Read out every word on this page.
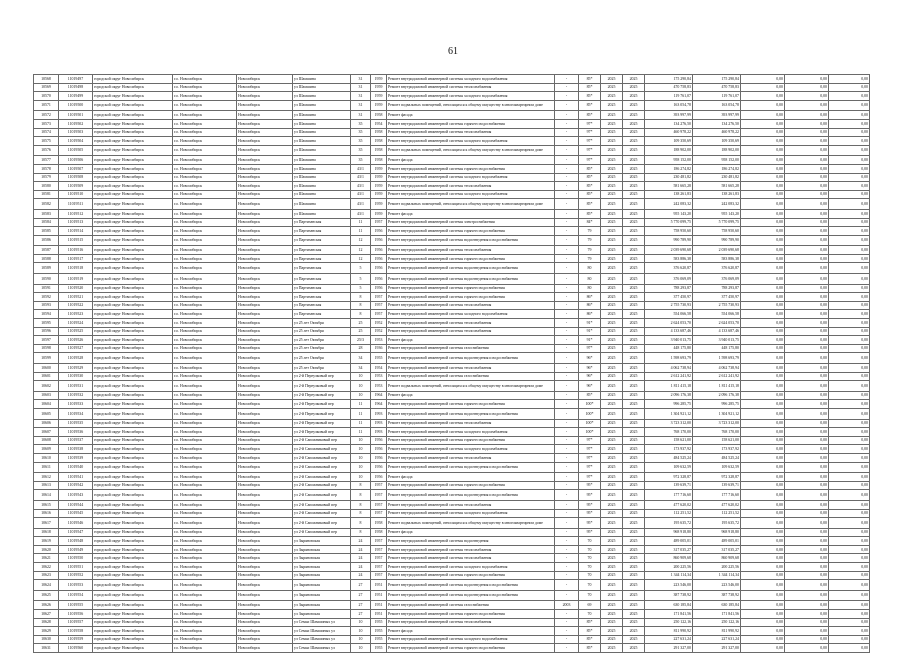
61
10568	11019497	городской округ Новосибирск	г.о. Новосибирск	Новосибирск	ул Шамшина	31	1959	Ремонт внутридомовой инженерной системы холодного водоснабжения	-	85*	2025	2025	175 290,84	175 290,84	0,00	0,00	0,00
10569	11019498	городской округ Новосибирск	г.о. Новосибирск	Новосибирск	ул Шамшина	31	1959	Ремонт внутридомовой инженерной системы теплоснабжения	-	85*	2025	2025	470 758,83	470 758,83	0,00	0,00	0,00
10570	11019499	городской округ Новосибирск	г.о. Новосибирск	Новосибирск	ул Шамшина	31	1959	Ремонт внутридомовой инженерной системы холодного водоснабжения	-	85*	2025	2025	119 761,07	119 761,07	0,00	0,00	0,00
10571	11019500	городской округ Новосибирск	г.о. Новосибирск	Новосибирск	ул Шамшина	31	1959	Ремонт подвальных помещений, относящихся к общему имуществу в многоквартирном доме	-	85*	2025	2025	163 054,78	163 054,78	0,00	0,00	0,00
10572	11019501	городской округ Новосибирск	г.о. Новосибирск	Новосибирск	ул Шамшина	31	1958	Ремонт фасада	-	85*	2025	2025	393 997,99	393 997,99	0,00	0,00	0,00
10573	11019502	городской округ Новосибирск	г.о. Новосибирск	Новосибирск	ул Шамшина	35	1954	Ремонт внутридомовой инженерной системы горячего водоснабжения	-	97*	2025	2025	134 276,50	134 276,50	0,00	0,00	0,00
10574	11019503	городской округ Новосибирск	г.о. Новосибирск	Новосибирск	ул Шамшина	35	1958	Ремонт внутридомовой инженерной системы теплоснабжения	-	97*	2025	2025	460 978,22	460 978,22	0,00	0,00	0,00
10575	11019504	городской округ Новосибирск	г.о. Новосибирск	Новосибирск	ул Шамшина	35	1958	Ремонт внутридомовой инженерной системы холодного водоснабжения	-	97*	2025	2025	109 350,69	109 350,69	0,00	0,00	0,00
10576	11019505	городской округ Новосибирск	г.о. Новосибирск	Новосибирск	ул Шамшина	35	1958	Ремонт подвальных помещений, относящихся к общему имуществу в многоквартирном доме	-	97*	2025	2025	188 902,00	188 902,00	0,00	0,00	0,00
10577	11019506	городской округ Новосибирск	г.о. Новосибирск	Новосибирск	ул Шамшина	35	1958	Ремонт фасада	-	97*	2025	2025	958 152,00	958 152,00	0,00	0,00	0,00
10578	11019507	городской округ Новосибирск	г.о. Новосибирск	Новосибирск	ул Шамшина	43/1	1959	Ремонт внутридомовой инженерной системы горячего водоснабжения	-	85*	2025	2025	186 274,82	186 274,82	0,00	0,00	0,00
10579	11019508	городской округ Новосибирск	г.о. Новосибирск	Новосибирск	ул Шамшина	43/1	1959	Ремонт внутридомовой инженерной системы холодного водоснабжения	-	85*	2025	2025	230 481,82	230 481,82	0,00	0,00	0,00
10580	11019509	городской округ Новосибирск	г.о. Новосибирск	Новосибирск	ул Шамшина	43/1	1959	Ремонт внутридомовой инженерной системы теплоснабжения	-	85*	2025	2025	581 665,28	581 665,28	0,00	0,00	0,00
10581	11019510	городской округ Новосибирск	г.о. Новосибирск	Новосибирск	ул Шамшина	43/1	1959	Ремонт внутридомовой инженерной системы холодного водоснабжения	-	85*	2025	2025	138 261,83	138 261,83	0,00	0,00	0,00
10582	11019511	городской округ Новосибирск	г.о. Новосибирск	Новосибирск	ул Шамшина	43/1	1959	Ремонт подвальных помещений, относящихся к общему имуществу в многоквартирном доме	-	85*	2025	2025	242 083,32	242 083,32	0,00	0,00	0,00
10583	11019512	городской округ Новосибирск	г.о. Новосибирск	Новосибирск	ул Шамшина	43/1	1959	Ремонт фасада	-	85*	2025	2025	955 143,20	955 143,20	0,00	0,00	0,00
10584	11019513	городской округ Новосибирск	г.о. Новосибирск	Новосибирск	ул Партизанская	11	1957	Ремонт внутридомовой инженерной системы электроснабжения	-	84*	2025	2025	5 770 099,75	5 770 099,75	0,00	0,00	0,00
10585	11019514	городской округ Новосибирск	г.о. Новосибирск	Новосибирск	ул Партизанская	11	1956	Ремонт внутридомовой инженерной системы горячего водоснабжения	-	79	2025	2025	758 950,60	758 950,60	0,00	0,00	0,00
10586	11019515	городской округ Новосибирск	г.о. Новосибирск	Новосибирск	ул Партизанская	12	1956	Ремонт внутридомовой инженерной системы водоотведения и водоснабжения	-	79	2025	2025	990 789,90	990 789,90	0,00	0,00	0,00
10587	11019516	городской округ Новосибирск	г.о. Новосибирск	Новосибирск	ул Партизанская	12	1956	Ремонт внутридомовой инженерной системы теплоснабжения	-	79	2025	2025	2 039 690,68	2 039 690,68	0,00	0,00	0,00
10588	11019517	городской округ Новосибирск	г.о. Новосибирск	Новосибирск	ул Партизанская	12	1956	Ремонт внутридомовой инженерной системы горячего водоснабжения	-	79	2025	2025	583 886,38	583 886,38	0,00	0,00	0,00
10589	11019518	городской округ Новосибирск	г.о. Новосибирск	Новосибирск	ул Партизанская	5	1956	Ремонт внутридомовой инженерной системы водоотведения и водоснабжения	-	80	2025	2025	376 620,87	376 620,87	0,00	0,00	0,00
10590	11019519	городской округ Новосибирск	г.о. Новосибирск	Новосибирск	ул Партизанская	5	1956	Ремонт внутридомовой инженерной системы водоотведения и водоснабжения	-	80	2025	2025	376 069,09	376 069,09	0,00	0,00	0,00
10591	11019520	городской округ Новосибирск	г.о. Новосибирск	Новосибирск	ул Партизанская	5	1956	Ремонт внутридомовой инженерной системы горячего водоснабжения	-	80	2025	2025	788 293,87	788 293,87	0,00	0,00	0,00
10592	11019521	городской округ Новосибирск	г.о. Новосибирск	Новосибирск	ул Партизанская	8	1957	Ремонт внутридомовой инженерной системы горячего водоснабжения	-	86*	2025	2025	377 450,97	377 450,97	0,00	0,00	0,00
10593	11019522	городской округ Новосибирск	г.о. Новосибирск	Новосибирск	ул Партизанская	8	1957	Ремонт внутридомовой инженерной системы теплоснабжения	-	86*	2025	2025	2 755 730,93	2 755 730,93	0,00	0,00	0,00
10594	11019523	городской округ Новосибирск	г.о. Новосибирск	Новосибирск	ул Партизанская	8	1957	Ремонт внутридомовой инженерной системы холодного водоснабжения	-	86*	2025	2025	554 066,58	554 066,58	0,00	0,00	0,00
10595	11019524	городской округ Новосибирск	г.о. Новосибирск	Новосибирск	ул 25 лет Октября	25	1952	Ремонт внутридомовой инженерной системы теплоснабжения	-	91*	2025	2025	2 624 053,70	2 624 053,70	0,00	0,00	0,00
10596	11019525	городской округ Новосибирск	г.о. Новосибирск	Новосибирск	ул 25 лет Октября	25	1952	Ремонт внутридомовой инженерной системы теплоснабжения	-	91*	2025	2025	4 133 687,46	4 133 687,46	0,00	0,00	0,00
10597	11019526	городской округ Новосибирск	г.о. Новосибирск	Новосибирск	ул 25 лет Октября	25/3	1953	Ремонт фасада	-	91*	2025	2025	3 940 013,75	3 940 013,75	0,00	0,00	0,00
10598	11019527	городской округ Новосибирск	г.о. Новосибирск	Новосибирск	ул 25 лет Октября	28	1936	Ремонт внутридомовой инженерной системы газоснабжения	-	97*	2025	2025	448 175,80	448 175,80	0,00	0,00	0,00
10599	11019528	городской округ Новосибирск	г.о. Новосибирск	Новосибирск	ул 25 лет Октября	34	1955	Ремонт внутридомовой инженерной системы водоотведения и водоснабжения	-	96*	2025	2025	1 598 693,79	1 598 693,79	0,00	0,00	0,00
10600	11019529	городской округ Новосибирск	г.о. Новосибирск	Новосибирск	ул 25 лет Октября	34	1954	Ремонт внутридомовой инженерной системы теплоснабжения	-	96*	2025	2025	4 062 738,94	4 062 738,94	0,00	0,00	0,00
10601	11019530	городской округ Новосибирск	г.о. Новосибирск	Новосибирск	ул 2-й Переулковый пер	10	1953	Ремонт внутридомовой инженерной системы газоснабжения	-	96*	2025	2025	2 612 241,92	2 612 241,92	0,00	0,00	0,00
10602	11019531	городской округ Новосибирск	г.о. Новосибирск	Новосибирск	ул 2-й Переулковый пер	10	1953	Ремонт подвальных помещений, относящихся к общему имуществу в многоквартирном доме	-	96*	2025	2025	1 811 415,18	1 811 415,18	0,00	0,00	0,00
10603	11019532	городской округ Новосибирск	г.о. Новосибирск	Новосибирск	ул 2-й Переулковый пер	10	1964	Ремонт фасада	-	85*	2025	2025	2 096 176,38	2 096 176,38	0,00	0,00	0,00
10604	11019533	городской округ Новосибирск	г.о. Новосибирск	Новосибирск	ул 2-й Переулковый пер	11	1964	Ремонт внутридомовой инженерной системы горячего водоснабжения	-	100*	2025	2025	996 285,75	996 285,75	0,00	0,00	0,00
10605	11019534	городской округ Новосибирск	г.о. Новосибирск	Новосибирск	ул 2-й Переулковый пер	11	1993	Ремонт внутридомовой инженерной системы водоотведения и водоснабжения	-	100*	2025	2025	1 304 921,12	1 304 921,12	0,00	0,00	0,00
10606	11019535	городской округ Новосибирск	г.о. Новосибирск	Новосибирск	ул 2-й Переулковый пер	11	1993	Ремонт внутридомовой инженерной системы теплоснабжения	-	100*	2025	2025	3 723 312,00	3 723 312,00	0,00	0,00	0,00
10607	11019536	городской округ Новосибирск	г.о. Новосибирск	Новосибирск	ул 2-й Переулковый пер	11	1993	Ремонт внутридомовой инженерной системы холодного водоснабжения	-	100*	2025	2025	768 170,00	768 170,00	0,00	0,00	0,00
10608	11019537	городской округ Новосибирск	г.о. Новосибирск	Новосибирск	ул 2-й Сапожниковый пер	10	1956	Ремонт внутридомовой инженерной системы горячего водоснабжения	-	97*	2025	2025	158 621,00	158 621,00	0,00	0,00	0,00
10609	11019538	городской округ Новосибирск	г.о. Новосибирск	Новосибирск	ул 2-й Сапожниковый пер	10	1956	Ремонт внутридомовой инженерной системы холодного водоснабжения	-	97*	2025	2025	173 937,92	173 937,92	0,00	0,00	0,00
10610	11019539	городской округ Новосибирск	г.о. Новосибирск	Новосибирск	ул 2-й Сапожниковый пер	10	1956	Ремонт внутридомовой инженерной системы теплоснабжения	-	97*	2025	2025	484 525,24	484 525,24	0,00	0,00	0,00
10611	11019540	городской округ Новосибирск	г.о. Новосибирск	Новосибирск	ул 2-й Сапожниковый пер	10	1956	Ремонт внутридомовой инженерной системы водоотведения и водоснабжения	-	97*	2025	2025	109 632,59	109 632,59	0,00	0,00	0,00
10612	11019541	городской округ Новосибирск	г.о. Новосибирск	Новосибирск	ул 2-й Сапожниковый пер	10	1956	Ремонт фасада	-	97*	2025	2025	972 328,87	972 328,87	0,00	0,00	0,00
10613	11019542	городской округ Новосибирск	г.о. Новосибирск	Новосибирск	ул 2-й Сапожниковый пер	8	1957	Ремонт внутридомовой инженерной системы горячего водоснабжения	-	95*	2025	2025	139 639,71	139 639,71	0,00	0,00	0,00
10614	11019543	городской округ Новосибирск	г.о. Новосибирск	Новосибирск	ул 2-й Сапожниковый пер	8	1957	Ремонт внутридомовой инженерной системы водоотведения и водоснабжения	-	95*	2025	2025	177 716,60	177 716,60	0,00	0,00	0,00
10615	11019544	городской округ Новосибирск	г.о. Новосибирск	Новосибирск	ул 2-й Сапожниковый пер	8	1957	Ремонт внутридомовой инженерной системы теплоснабжения	-	95*	2025	2025	477 620,02	477 620,02	0,00	0,00	0,00
10616	11019545	городской округ Новосибирск	г.о. Новосибирск	Новосибирск	ул 2-й Сапожниковый пер	8	1957	Ремонт внутридомовой инженерной системы холодного водоснабжения	-	95*	2025	2025	112 251,52	112 251,52	0,00	0,00	0,00
10617	11019546	городской округ Новосибирск	г.о. Новосибирск	Новосибирск	ул 2-й Сапожниковый пер	8	1958	Ремонт подвальных помещений, относящихся к общему имуществу в многоквартирном доме	-	95*	2025	2025	195 635,72	195 635,72	0,00	0,00	0,00
10618	11019547	городской округ Новосибирск	г.о. Новосибирск	Новосибирск	ул 2-й Сапожниковый пер	8	1958	Ремонт фасада	-	95*	2025	2025	968 918,80	968 918,80	0,00	0,00	0,00
10619	11019548	городской округ Новосибирск	г.о. Новосибирск	Новосибирск	ул Зыряновская	24	1957	Ремонт внутридомовой инженерной системы водоотведения	-	70	2025	2025	489 005,01	489 005,01	0,00	0,00	0,00
10620	11019549	городской округ Новосибирск	г.о. Новосибирск	Новосибирск	ул Зыряновская	24	1957	Ремонт внутридомовой инженерной системы теплоснабжения	-	70	2025	2025	317 035,27	317 035,27	0,00	0,00	0,00
10621	11019550	городской округ Новосибирск	г.о. Новосибирск	Новосибирск	ул Зыряновская	24	1957	Ремонт внутридомовой инженерной системы теплоснабжения	-	70	2025	2025	860 909,68	860 909,68	0,00	0,00	0,00
10622	11019551	городской округ Новосибирск	г.о. Новосибирск	Новосибирск	ул Зыряновская	24	1957	Ремонт внутридомовой инженерной системы холодного водоснабжения	-	70	2025	2025	200 225,56	200 225,56	0,00	0,00	0,00
10623	11019552	городской округ Новосибирск	г.о. Новосибирск	Новосибирск	ул Зыряновская	24	1957	Ремонт внутридомовой инженерной системы горячего водоснабжения	-	70	2025	2025	1 344 114,34	1 344 114,34	0,00	0,00	0,00
10624	11019553	городской округ Новосибирск	г.о. Новосибирск	Новосибирск	ул Зыряновская	27	1951	Ремонт внутридомовой инженерной системы водоотведения и водоснабжения	-	70	2025	2025	223 546,00	223 546,00	0,00	0,00	0,00
10625	11019554	городской округ Новосибирск	г.о. Новосибирск	Новосибирск	ул Зыряновская	27	1951	Ремонт внутридомовой инженерной системы водоотведения и водоснабжения	-	70	2025	2025	387 738,92	387 738,92	0,00	0,00	0,00
10626	11019555	городской округ Новосибирск	г.о. Новосибирск	Новосибирск	ул Зыряновская	27	1951	Ремонт внутридомовой инженерной системы газоснабжения	2003	69	2025	2025	630 185,84	630 185,84	0,00	0,00	0,00
10627	11019556	городской округ Новосибирск	г.о. Новосибирск	Новосибирск	ул Зыряновская	27	1951	Ремонт внутридомовой инженерной системы горячего водоснабжения	-	70	2025	2025	171 841,56	171 841,56	0,00	0,00	0,00
10628	11019557	городской округ Новосибирск	г.о. Новосибирск	Новосибирск	ул Семьи Шамшиных ул	10	1955	Ремонт внутридомовой инженерной системы теплоснабжения	-	85*	2025	2025	250 122,16	250 122,16	0,00	0,00	0,00
10629	11019558	городской округ Новосибирск	г.о. Новосибирск	Новосибирск	ул Семьи Шамшиных ул	10	1955	Ремонт фасада	-	85*	2025	2025	811 990,92	811 990,92	0,00	0,00	0,00
10630	11019559	городской округ Новосибирск	г.о. Новосибирск	Новосибирск	ул Семьи Шамшиных ул	10	1955	Ремонт внутридомовой инженерной системы холодного водоснабжения	-	85*	2025	2025	227 631,24	227 631,24	0,00	0,00	0,00
10631	11019560	городской округ Новосибирск	г.о. Новосибирск	Новосибирск	ул Семьи Шамшиных ул	10	1955	Ремонт внутридомовой инженерной системы горячего водоснабжения	-	85*	2025	2025	291 327,00	291 327,00	0,00	0,00	0,00
